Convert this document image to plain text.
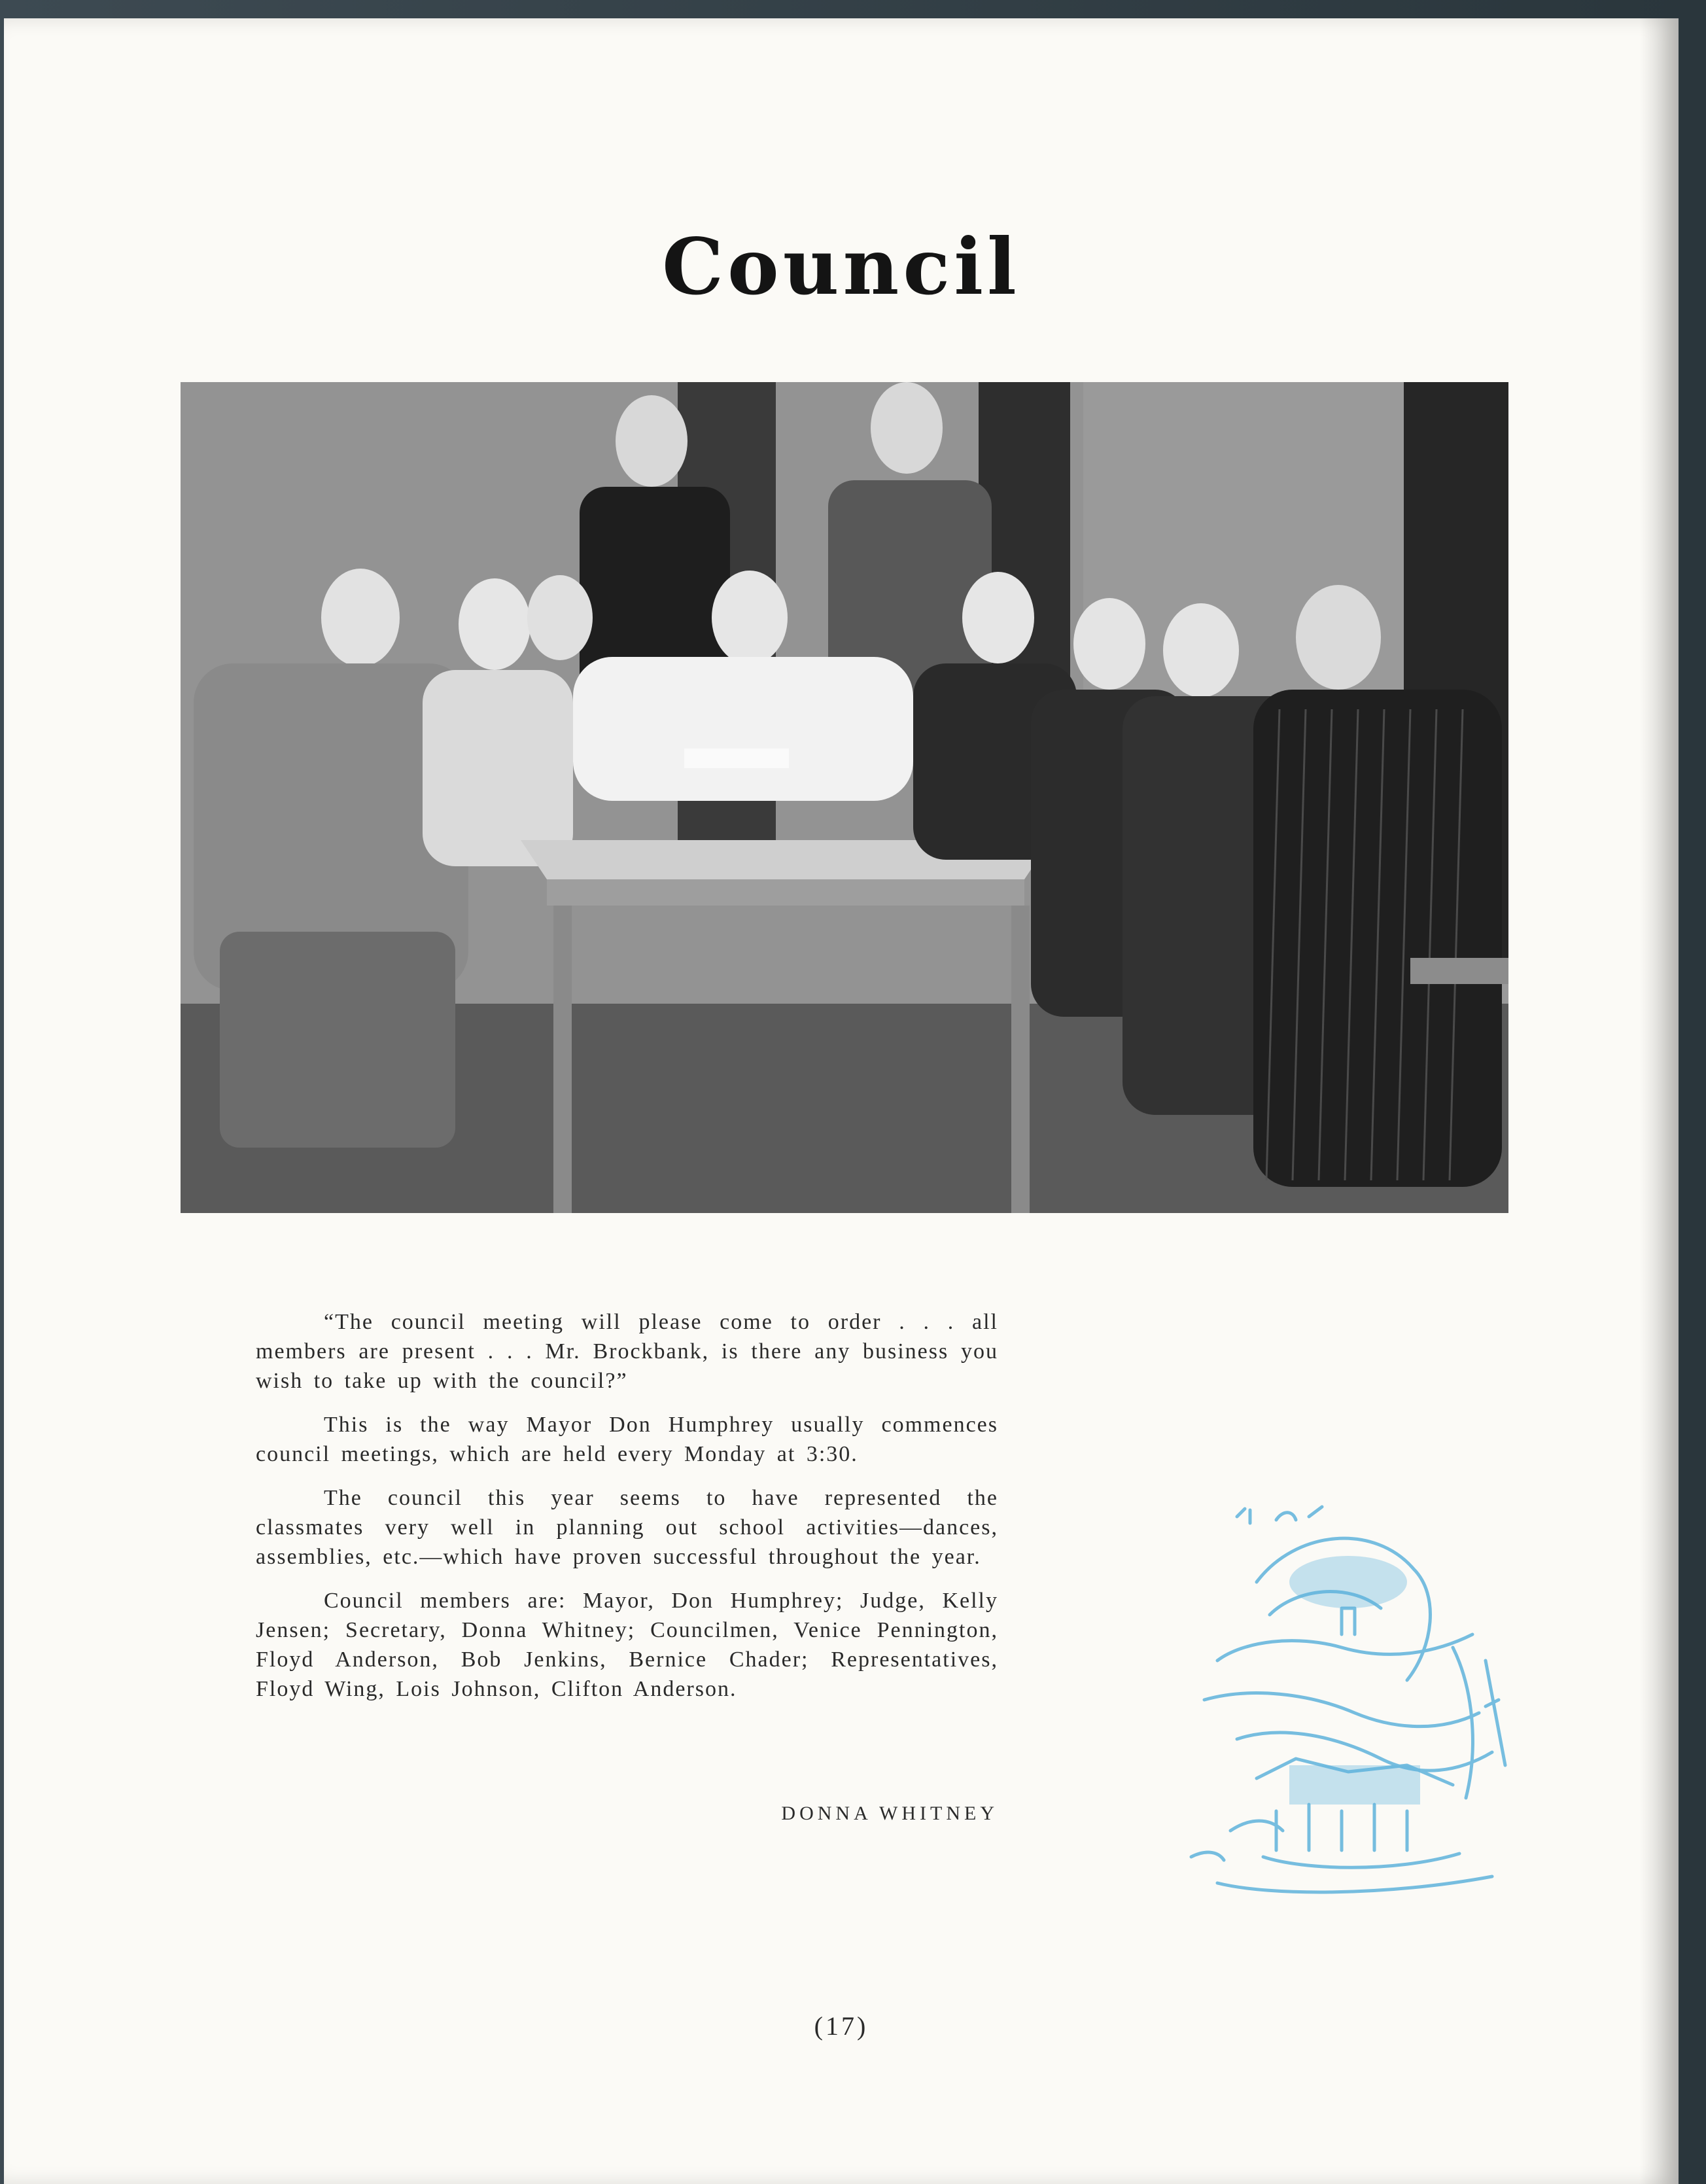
Council

“The council meeting will please come to order . . . all members are present . . . Mr. Brockbank, is there any business you wish to take up with the council?”

This is the way Mayor Don Humphrey usually commences council meetings, which are held every Monday at 3:30.

The council this year seems to have represented the classmates very well in planning out school activities—dances, assemblies, etc.—which have proven successful throughout the year.

Council members are: Mayor, Don Humphrey; Judge, Kelly Jensen; Secretary, Donna Whitney; Councilmen, Venice Pennington, Floyd Anderson, Bob Jenkins, Bernice Chader; Representatives, Floyd Wing, Lois Johnson, Clifton Anderson.

DONNA WHITNEY
(17)
